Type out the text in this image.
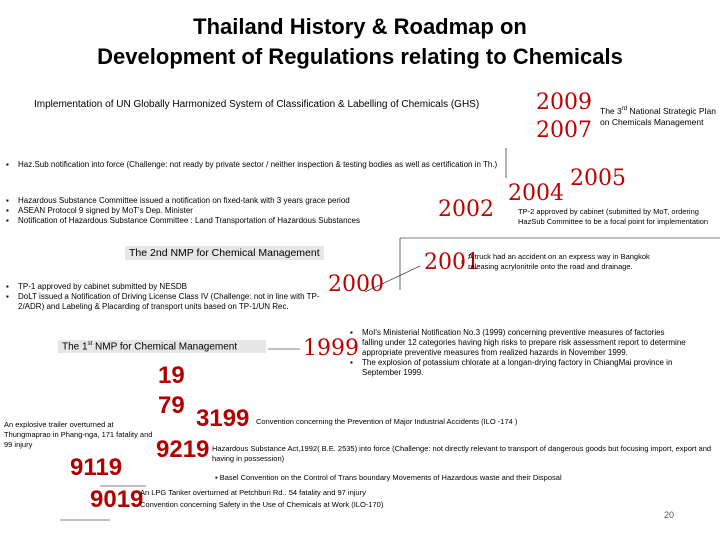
Thailand History & Roadmap on
Development of Regulations relating to Chemicals
Implementation of UN Globally Harmonized System of Classification & Labelling of Chemicals (GHS)	2009
2007
The 3rd National Strategic Plan on Chemicals Management
▪ Haz.Sub notification into force (Challenge: not ready by private sector / neither inspection & testing bodies as well as certification in Th.)
2005
2004
TP-2 approved by cabinet (submitted by MoT, ordering HazSub Committee to be a focal point for implementation
▪ Hazardous Substance Committee issued a notification on fixed-tank with 3 years grace period
▪ ASEAN Protocol 9 signed by MoT's Dep. Minister
▪ Notification of Hazardous Substance Committee : Land Transportation of Hazardous Substances	2002
The 2nd NMP for Chemical Management	2001
A truck had an accident on an express way in Bangkok releasing acrylonitrile onto the road and drainage.
▪ TP-1 approved by cabinet submitted by NESDB
▪ DoLT issued a Notification of Driving License Class IV (Challenge: not in line with TP-2/ADR) and Labeling & Placarding of transport units based on TP-1/UN Rec.
2000
The 1st NMP for Chemical Management	1999
▪ MoI's Ministerial Notification No.3 (1999) concerning preventive measures of factories falling under 12 categories having high risks to prepare risk assessment report to determine appropriate preventive measures from realized hazards in November 1999.
▪ The explosion of potassium chlorate at a longan-drying factory in ChiangMai province in September 1999.
19
79 3199 Convention concerning the Prevention of Major Industrial Accidents (ILO -174 )
An explosive trailer overturned at Thungmaprao in Phang-nga, 171 fatality and 99 injury	9219 Hazardous Substance Act,1992( B.E. 2535) into force (Challenge: not directly relevant to transport of dangerous goods but focusing import, export and having in possession)
9119	▪ Basel Convention on the Control of Trans boundary Movements of Hazardous waste and their Disposal
9019
An LPG Tanker overturned at Petchburi Rd.. 54 fatality and 97 injury
Convention concerning Safety in the Use of Chemicals at Work (ILO-170)
20
